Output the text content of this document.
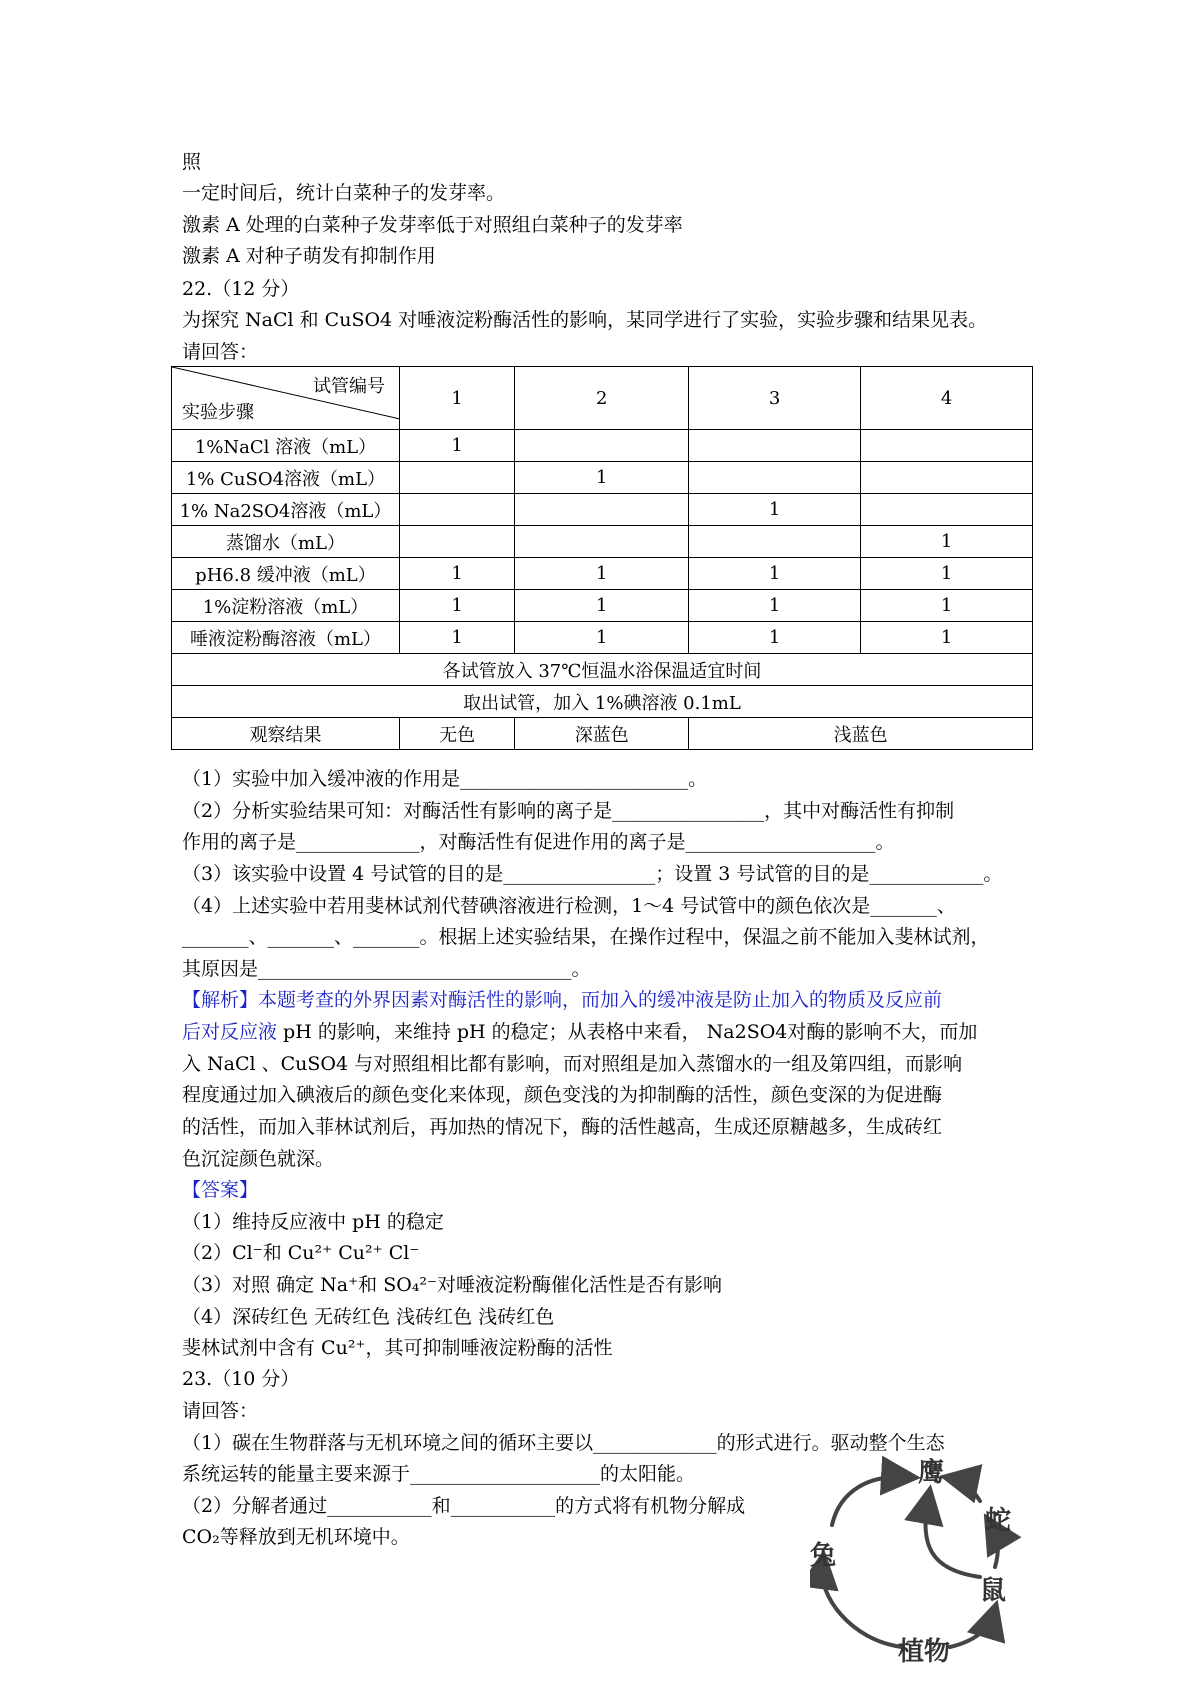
照
一定时间后，统计白菜种子的发芽率。
激素 A 处理的白菜种子发芽率低于对照组白菜种子的发芽率
激素 A 对种子萌发有抑制作用
22.（12 分）
为探究 NaCl 和 CuSO4 对唾液淀粉酶活性的影响，某同学进行了实验，实验步骤和结果见表。
请回答：
试管编号
实验步骤	1	2	3	4
1%NaCl 溶液（mL）	1			
1% CuSO4溶液（mL）		1		
1% Na2SO4溶液（mL）			1	
蒸馏水（mL）				1
pH6.8 缓冲液（mL）	1	1	1	1
1%淀粉溶液（mL）	1	1	1	1
唾液淀粉酶溶液（mL）	1	1	1	1
各试管放入 37℃恒温水浴保温适宜时间				
取出试管，加入 1%碘溶液 0.1mL				
观察结果	无色	深蓝色	浅蓝色	
（1）实验中加入缓冲液的作用是________________________。
（2）分析实验结果可知：对酶活性有影响的离子是________________，其中对酶活性有抑制
作用的离子是_____________，对酶活性有促进作用的离子是____________________。
（3）该实验中设置 4 号试管的目的是________________；设置 3 号试管的目的是____________。
（4）上述实验中若用斐林试剂代替碘溶液进行检测，1～4 号试管中的颜色依次是_______、
_______、_______、_______。根据上述实验结果，在操作过程中，保温之前不能加入斐林试剂，
其原因是_________________________________。
【解析】本题考查的外界因素对酶活性的影响，而加入的缓冲液是防止加入的物质及反应前
后对反应液 pH 的影响，来维持 pH 的稳定；从表格中来看， Na2SO4对酶的影响不大，而加
入 NaCl 、CuSO4 与对照组相比都有影响，而对照组是加入蒸馏水的一组及第四组，而影响
程度通过加入碘液后的颜色变化来体现，颜色变浅的为抑制酶的活性，颜色变深的为促进酶
的活性，而加入菲林试剂后，再加热的情况下，酶的活性越高，生成还原糖越多，生成砖红
色沉淀颜色就深。
【答案】
（1）维持反应液中 pH 的稳定
（2）Cl⁻和 Cu²⁺ Cu²⁺ Cl⁻
（3）对照 确定 Na⁺和 SO₄²⁻对唾液淀粉酶催化活性是否有影响
（4）深砖红色 无砖红色 浅砖红色 浅砖红色
斐林试剂中含有 Cu²⁺，其可抑制唾液淀粉酶的活性
23.（10 分）
请回答：
（1）碳在生物群落与无机环境之间的循环主要以_____________的形式进行。驱动整个生态
系统运转的能量主要来源于____________________的太阳能。
（2）分解者通过___________和___________的方式将有机物分解成
CO₂等释放到无机环境中。
鹰
蛇
鼠
植物
兔
